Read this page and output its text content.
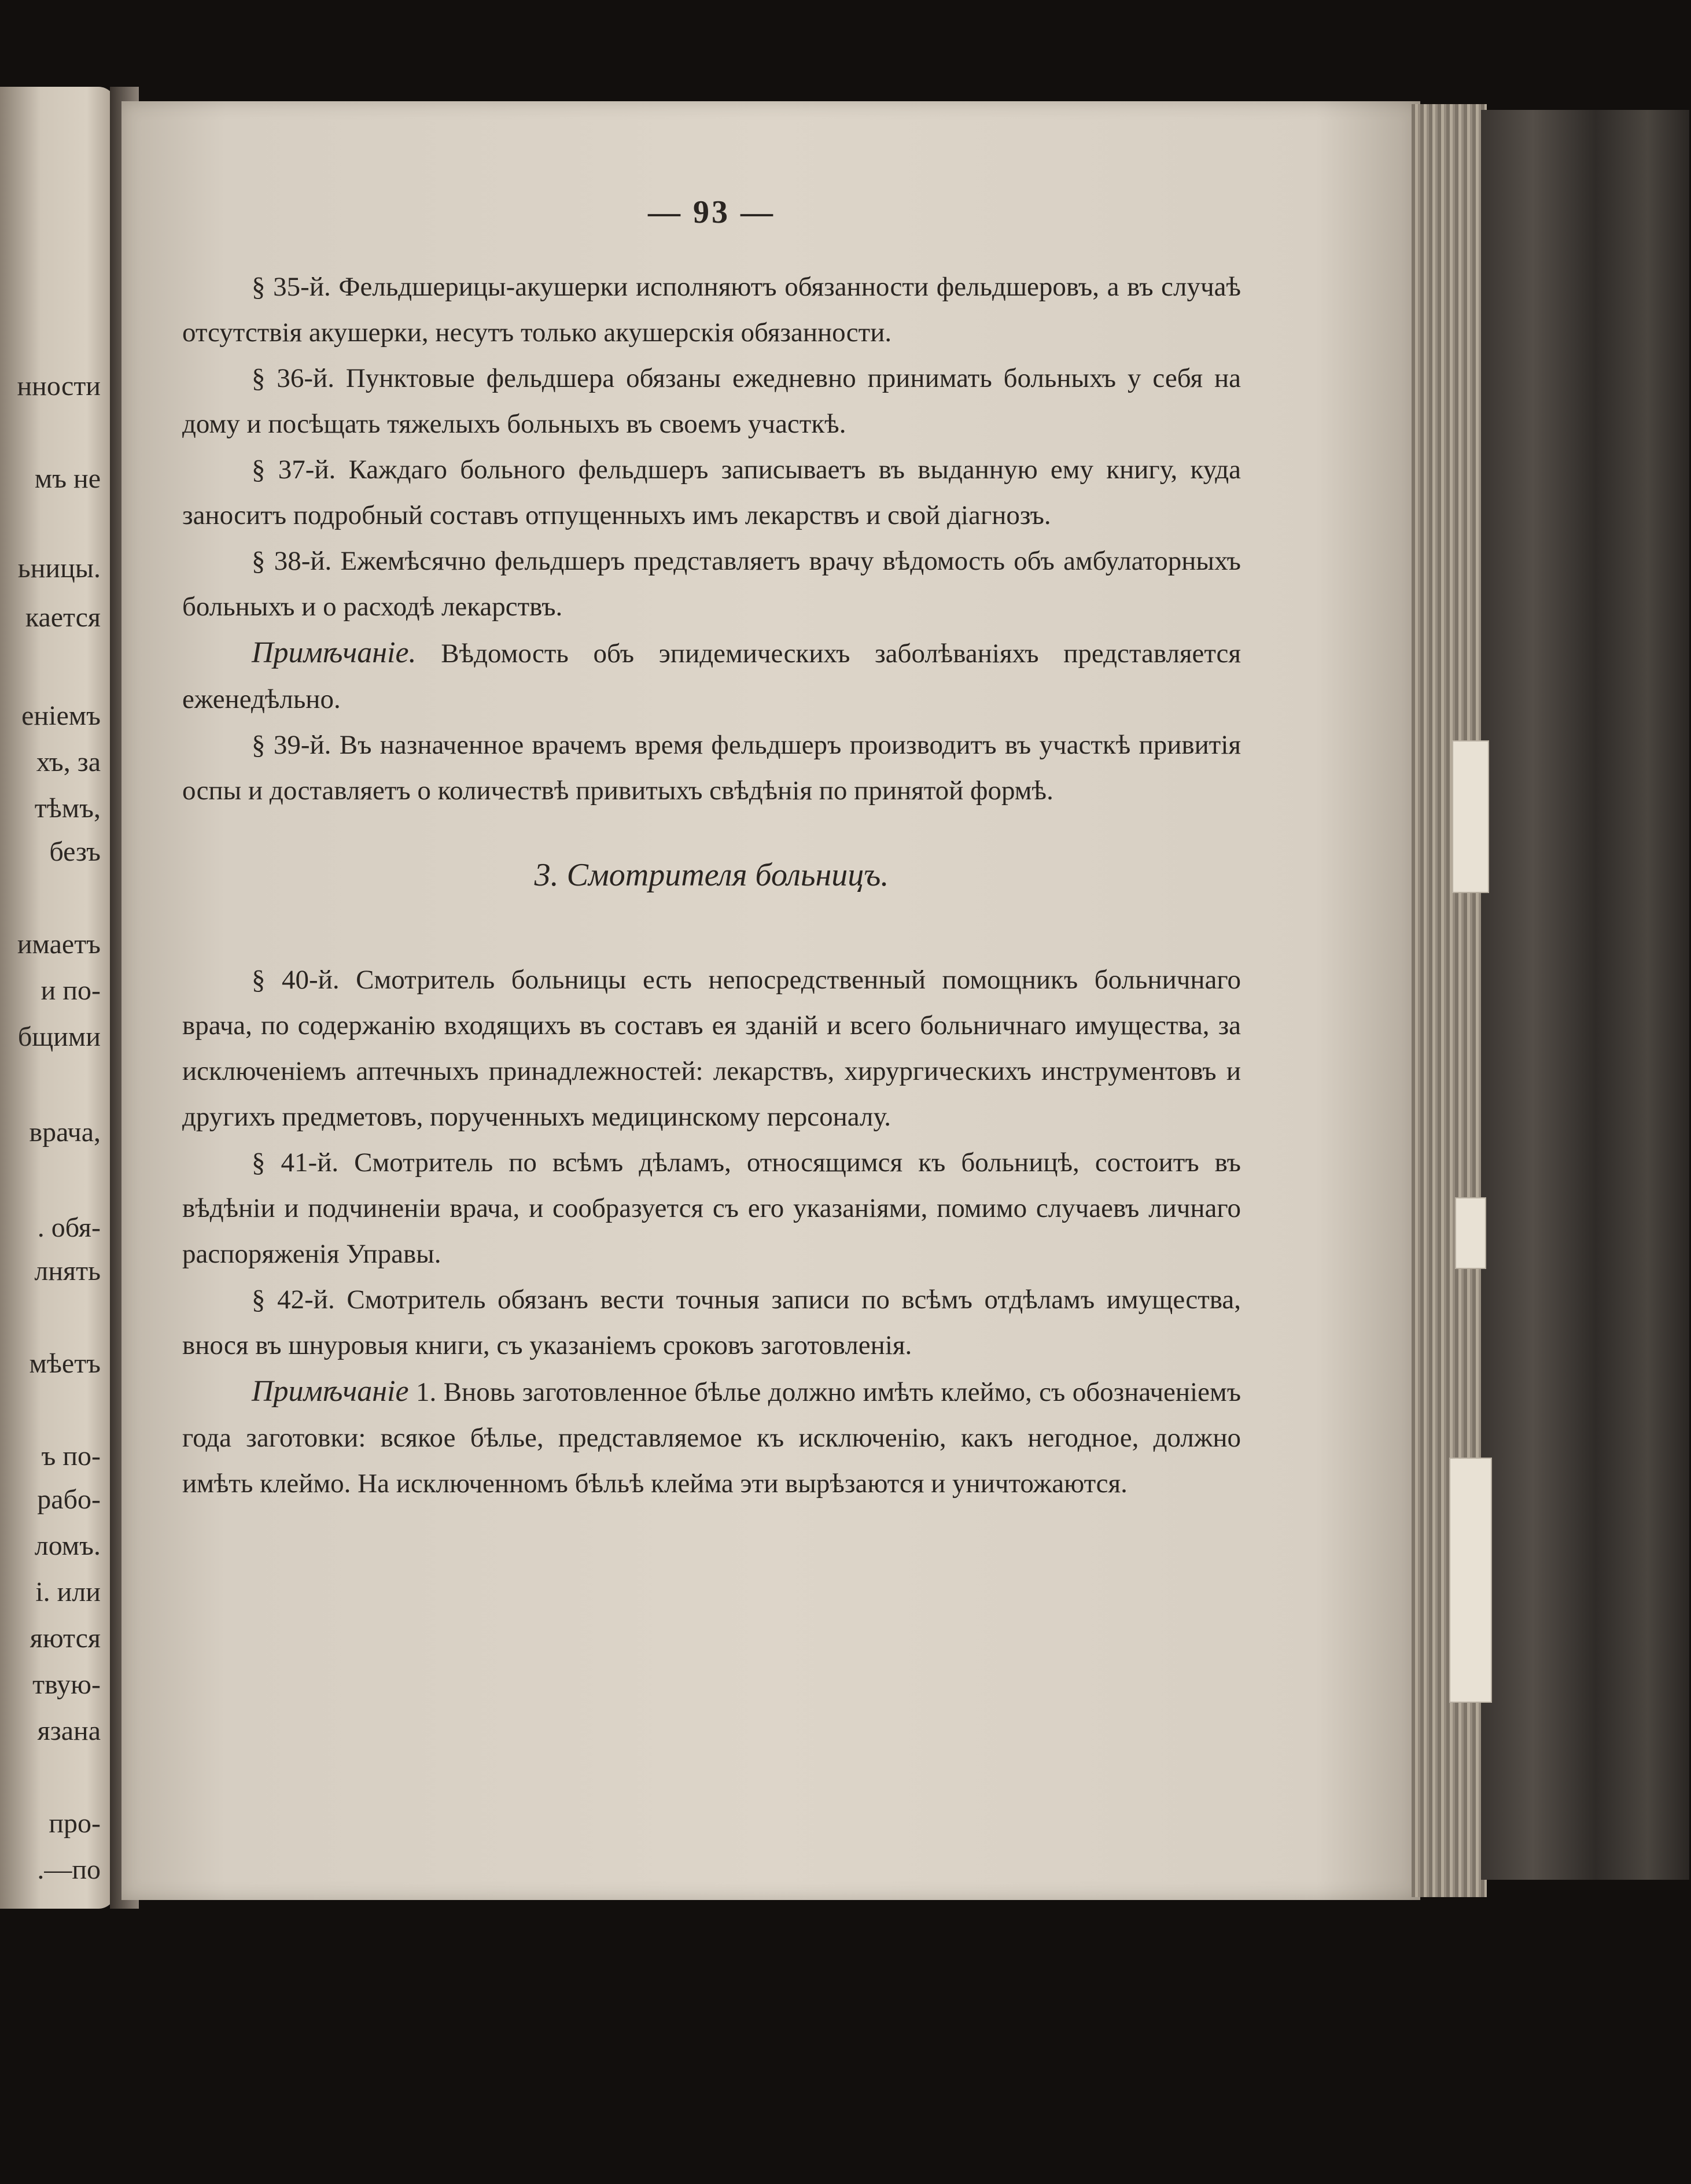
нности
мъ не
ьницы.
кается
енiемъ
хъ, за
тѣмъ,
безъ
имаетъ
и по-
бщими
врача,
. обя-
лнять
мѣетъ
ъ по-
рабо-
ломъ.
i. или
яются
твую-
язана
про-
.—по
— 93 —

§ 35-й. Фельдшерицы-акушерки исполняютъ обязанности фельдшеровъ, а въ случаѣ отсутствiя акушерки, несутъ только акушерскiя обязанности.

§ 36-й. Пунктовые фельдшера обязаны ежедневно принимать больныхъ у себя на дому и посѣщать тяжелыхъ больныхъ въ своемъ участкѣ.

§ 37-й. Каждаго больного фельдшеръ записываетъ въ выданную ему книгу, куда заноситъ подробный составъ отпущенныхъ имъ лекарствъ и свой дiагнозъ.

§ 38-й. Ежемѣсячно фельдшеръ представляетъ врачу вѣдомость объ амбулаторныхъ больныхъ и о расходѣ лекарствъ.

Примѣчанiе. Вѣдомость объ эпидемическихъ заболѣванiяхъ представляется еженедѣльно.

§ 39-й. Въ назначенное врачемъ время фельдшеръ производитъ въ участкѣ привитiя оспы и доставляетъ о количествѣ привитыхъ свѣдѣнiя по принятой формѣ.

3. Смотрителя больницъ.

§ 40-й. Смотритель больницы есть непосредственный помощникъ больничнаго врача, по содержанiю входящихъ въ составъ ея зданiй и всего больничнаго имущества, за исключенiемъ аптечныхъ принадлежностей: лекарствъ, хирургическихъ инструментовъ и другихъ предметовъ, порученныхъ медицинскому персоналу.

§ 41-й. Смотритель по всѣмъ дѣламъ, относящимся къ больницѣ, состоитъ въ вѣдѣнiи и подчиненiи врача, и сообразуется съ его указанiями, помимо случаевъ личнаго распоряженiя Управы.

§ 42-й. Смотритель обязанъ вести точныя записи по всѣмъ отдѣламъ имущества, внося въ шнуровыя книги, съ указанiемъ сроковъ заготовленiя.

Примѣчанiе 1. Вновь заготовленное бѣлье должно имѣть клеймо, съ обозначенiемъ года заготовки: всякое бѣлье, представляемое къ исключенiю, какъ негодное, должно имѣть клеймо. На исключенномъ бѣльѣ клейма эти вырѣзаются и уничтожаются.
